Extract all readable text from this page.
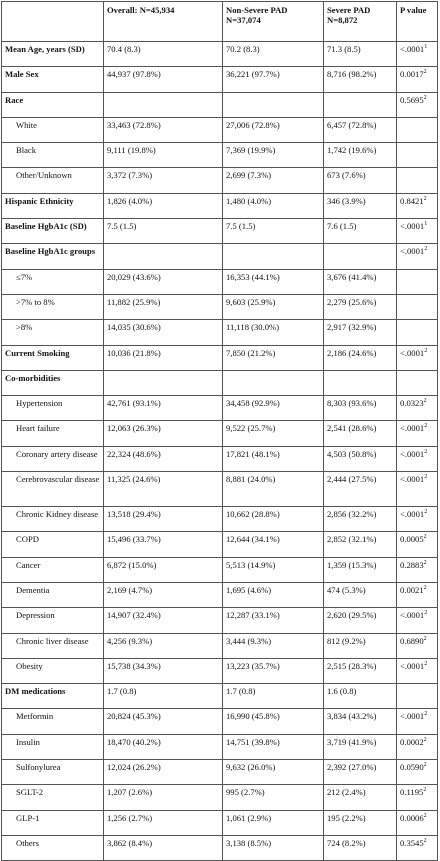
	Overall: N=45,934	Non-Severe PAD N=37,074	Severe PAD N=8,872	P value
Mean Age, years (SD)	70.4 (8.3)	70.2 (8.3)	71.3 (8.5)	$<.0001^1$
Male Sex	44,937 (97.8%)	36,221 (97.7%)	8,716 (98.2%)	0.0017$^2$
Race				0.5695$^2$
White	33,463 (72.8%)	27,006 (72.8%)	6,457 (72.8%)	
Black	9,111 (19.8%)	7,369 (19.9%)	1,742 (19.6%)	
Other/Unknown	3,372 (7.3%)	2,699 (7.3%)	673 (7.6%)	
Hispanic Ethnicity	1,826 (4.0%)	1,480 (4.0%)	346 (3.9%)	0.8421$^2$
Baseline HgbA1c (SD)	7.5 (1.5)	7.5 (1.5)	7.6 (1.5)	$<.0001^1$
Baseline HgbA1c groups				$<.0001^2$
≤7%	20,029 (43.6%)	16,353 (44.1%)	3,676 (41.4%)	
>7% to 8%	11,882 (25.9%)	9,603 (25.9%)	2,279 (25.6%)	
>8%	14,035 (30.6%)	11,118 (30.0%)	2,917 (32.9%)	
Current Smoking	10,036 (21.8%)	7,850 (21.2%)	2,186 (24.6%)	$<.0001^2$
Co-morbidities				
Hypertension	42,761 (93.1%)	34,458 (92.9%)	8,303 (93.6%)	0.0323$^2$
Heart failure	12,063 (26.3%)	9,522 (25.7%)	2,541 (28.6%)	$<.0001^2$
Coronary artery disease	22,324 (48.6%)	17,821 (48.1%)	4,503 (50.8%)	$<.0001^2$
Cerebrovascular disease	11,325 (24.6%)	8,881 (24.0%)	2,444 (27.5%)	$<.0001^2$
Chronic Kidney disease	13,518 (29.4%)	10,662 (28.8%)	2,856 (32.2%)	$<.0001^2$
COPD	15,496 (33.7%)	12,644 (34.1%)	2,852 (32.1%)	0.0005$^2$
Cancer	6,872 (15.0%)	5,513 (14.9%)	1,359 (15.3%)	0.2883$^2$
Dementia	2,169 (4.7%)	1,695 (4.6%)	474 (5.3%)	0.0021$^2$
Depression	14,907 (32.4%)	12,287 (33.1%)	2,620 (29.5%)	$<.0001^2$
Chronic liver disease	4,256 (9.3%)	3,444 (9.3%)	812 (9.2%)	0.6890$^2$
Obesity	15,738 (34.3%)	13,223 (35.7%)	2,515 (28.3%)	$<.0001^2$
DM medications	1.7 (0.8)	1.7 (0.8)	1.6 (0.8)	
Metformin	20,824 (45.3%)	16,990 (45.8%)	3,834 (43.2%)	$<.0001^2$
Insulin	18,470 (40.2%)	14,751 (39.8%)	3,719 (41.9%)	0.0002$^2$
Sulfonylurea	12,024 (26.2%)	9,632 (26.0%)	2,392 (27.0%)	0.0590$^2$
SGLT-2	1,207 (2.6%)	995 (2.7%)	212 (2.4%)	0.1195$^2$
GLP-1	1,256 (2.7%)	1,061 (2.9%)	195 (2.2%)	0.0006$^2$
Others	3,862 (8.4%)	3,138 (8.5%)	724 (8.2%)	0.3545$^2$
